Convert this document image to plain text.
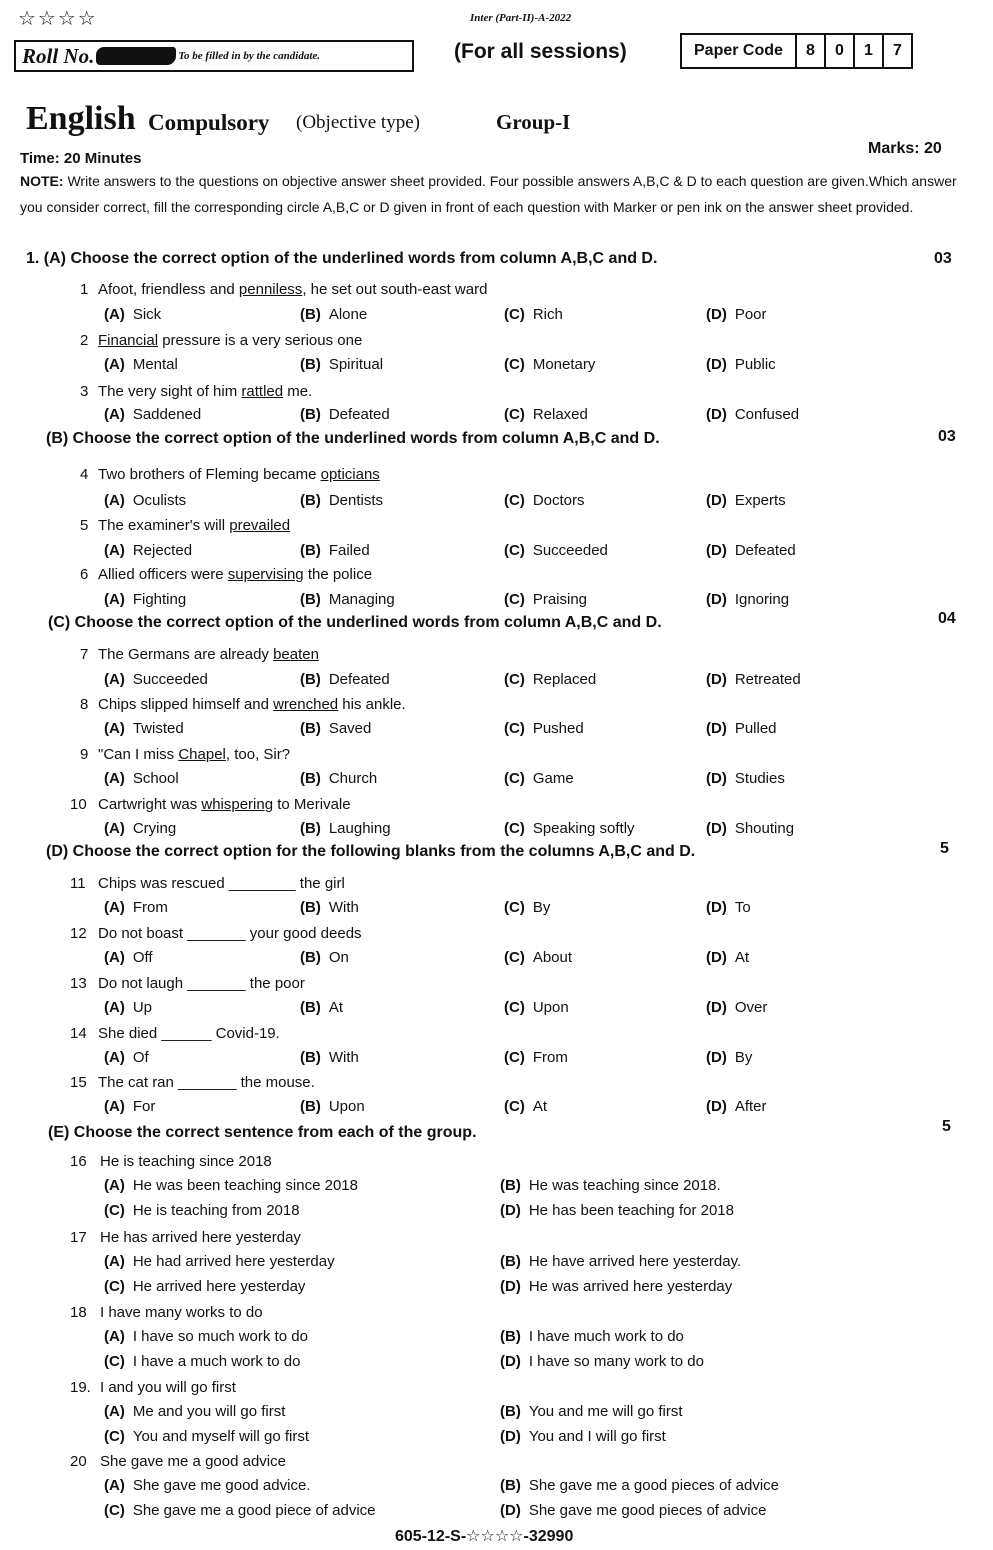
☆☆☆☆	Inter (Part-II)-A-2022
Roll No.	To be filled in by the candidate.	(For all sessions)	Paper Code	8	0	1	7
English Compulsory (Objective type)	Group-I
Marks: 20
Time: 20 Minutes
NOTE: Write answers to the questions on objective answer sheet provided. Four possible answers A,B,C & D to each question are given.Which answer you consider correct, fill the corresponding circle A,B,C or D given in front of each question with Marker or pen ink on the answer sheet provided.
1. (A) Choose the correct option of the underlined words from column A,B,C and D.	03
(B) Choose the correct option of the underlined words from column A,B,C and D.	03
(C) Choose the correct option of the underlined words from column A,B,C and D.	04
(D) Choose the correct option for the following blanks from the columns A,B,C and D.	5
(E) Choose the correct sentence from each of the group.	5
1 Afoot, friendless and penniless, he set out south-east ward
(A) Sick	(B) Alone	(C) Rich	(D) Poor
2 Financial pressure is a very serious one
(A) Mental	(B) Spiritual	(C) Monetary	(D) Public
3 The very sight of him rattled me.
(A) Saddened	(B) Defeated	(C) Relaxed	(D) Confused
4 Two brothers of Fleming became opticians
(A) Oculists	(B) Dentists	(C) Doctors	(D) Experts
5 The examiner's will prevailed
(A) Rejected	(B) Failed	(C) Succeeded	(D) Defeated
6 Allied officers were supervising the police
(A) Fighting	(B) Managing	(C) Praising	(D) Ignoring
7 The Germans are already beaten
(A) Succeeded	(B) Defeated	(C) Replaced	(D) Retreated
8 Chips slipped himself and wrenched his ankle.
(A) Twisted	(B) Saved	(C) Pushed	(D) Pulled
9 "Can I miss Chapel, too, Sir?
(A) School	(B) Church	(C) Game	(D) Studies
10 Cartwright was whispering to Merivale
(A) Crying	(B) Laughing	(C) Speaking softly	(D) Shouting
11 Chips was rescued ________ the girl
(A) From	(B) With	(C) By	(D) To
12 Do not boast _______ your good deeds
(A) Off	(B) On	(C) About	(D) At
13 Do not laugh _______ the poor
(A) Up	(B) At	(C) Upon	(D) Over
14 She died ______ Covid-19.
(A) Of	(B) With	(C) From	(D) By
15 The cat ran _______ the mouse.
(A) For	(B) Upon	(C) At	(D) After
16 He is teaching since 2018
(A) He was been teaching since 2018	(B) He was teaching since 2018.
(C) He is teaching from 2018	(D) He has been teaching for 2018
17 He has arrived here yesterday
(A) He had arrived here yesterday	(B) He have arrived here yesterday.
(C) He arrived here yesterday	(D) He was arrived here yesterday
18 I have many works to do
(A) I have so much work to do	(B) I have much work to do
(C) I have a much work to do	(D) I have so many work to do
19. I and you will go first
(A) Me and you will go first	(B) You and me will go first
(C) You and myself will go first	(D) You and I will go first
20 She gave me a good advice
(A) She gave me good advice.	(B) She gave me a good pieces of advice
(C) She gave me a good piece of advice	(D) She gave me good pieces of advice
605-12-S-☆☆☆☆-32990
